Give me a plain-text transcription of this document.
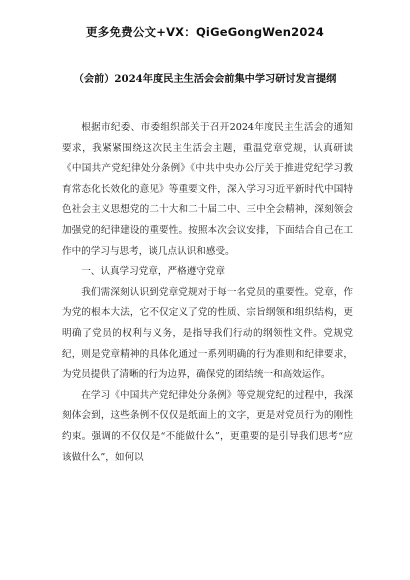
更多免费公文+VX：QiGeGongWen2024
（会前）2024年度民主生活会会前集中学习研讨发言提纲

根据市纪委、市委组织部关于召开2024年度民主生活会的通知要求，我紧紧围绕这次民主生活会主题，重温党章党规，认真研读《中国共产党纪律处分条例》《中共中央办公厅关于推进党纪学习教育常态化长效化的意见》等重要文件，深入学习习近平新时代中国特色社会主义思想党的二十大和二十届二中、三中全会精神，深刻领会加强党的纪律建设的重要性。按照本次会议安排，下面结合自己在工作中的学习与思考，谈几点认识和感受。

一、认真学习党章，严格遵守党章

我们需深刻认识到党章党规对于每一名党员的重要性。党章，作为党的根本大法，它不仅定义了党的性质、宗旨纲领和组织结构，更明确了党员的权利与义务，是指导我们行动的纲领性文件。党规党纪，则是党章精神的具体化通过一系列明确的行为准则和纪律要求，为党员提供了清晰的行为边界，确保党的团结统一和高效运作。

在学习《中国共产党纪律处分条例》等党规党纪的过程中，我深刻体会到，这些条例不仅仅是纸面上的文字，更是对党员行为的刚性约束。强调的不仅仅是“不能做什么”，更重要的是引导我们思考“应该做什么”，如何以
